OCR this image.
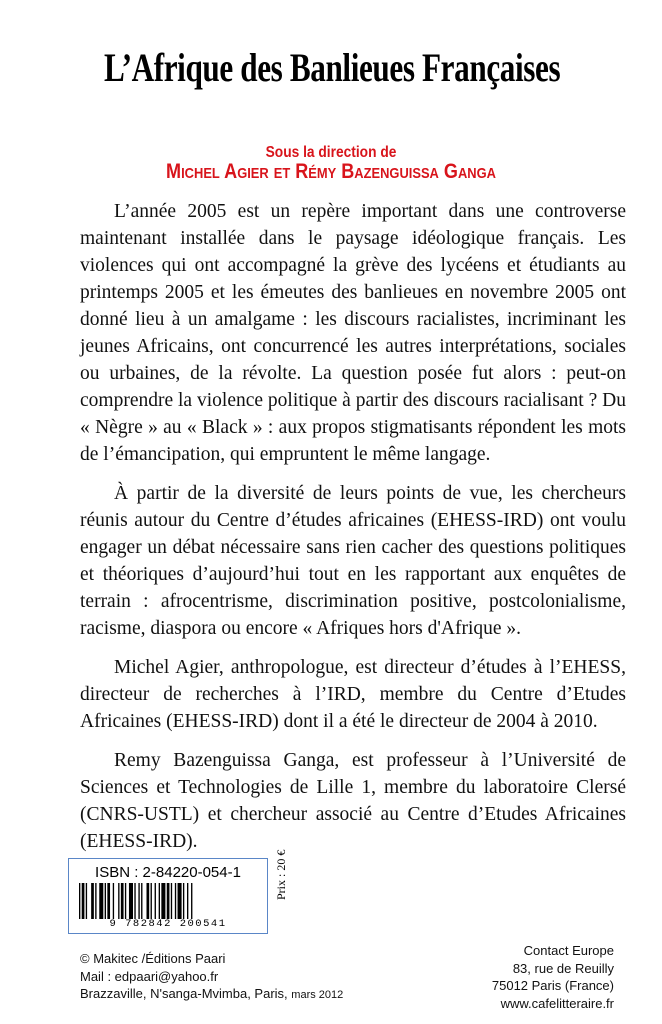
L’Afrique des Banlieues Françaises
Sous la direction de
Michel Agier et Rémy Bazenguissa Ganga

L’année 2005 est un repère important dans une controverse maintenant installée dans le paysage idéologique français. Les violences qui ont accompagné la grève des lycéens et étudiants au printemps 2005 et les émeutes des banlieues en novembre 2005 ont donné lieu à un amalgame : les discours racialistes, incriminant les jeunes Africains, ont concurrencé les autres interprétations, sociales ou urbaines, de la révolte. La question posée fut alors : peut-on comprendre la violence politique à partir des discours racialisant ? Du « Nègre » au « Black » : aux propos stigmatisants répondent les mots de l’émancipation, qui empruntent le même langage.

À partir de la diversité de leurs points de vue, les chercheurs réunis autour du Centre d’études africaines (EHESS-IRD) ont voulu engager un débat nécessaire sans rien cacher des questions politiques et théoriques d’aujourd’hui tout en les rapportant aux enquêtes de terrain : afrocentrisme, discrimination positive, postcolonialisme, racisme, diaspora ou encore « Afriques hors d'Afrique ».

Michel Agier, anthropologue, est directeur d’études à l’EHESS, directeur de recherches à l’IRD, membre du Centre d’Etudes Africaines (EHESS-IRD) dont il a été le directeur de 2004 à 2010.

Remy Bazenguissa Ganga, est professeur à l’Université de Sciences et Technologies de Lille 1, membre du laboratoire Clersé (CNRS-USTL) et chercheur associé au Centre d’Etudes Africaines (EHESS-IRD).

ISBN : 2-84220-054-1
9 782842 200541
Prix : 20 €
© Makitec /Éditions Paari
Mail : edpaari@yahoo.fr
Brazzaville, N'sanga-Mvimba, Paris, mars 2012
Contact Europe
83, rue de Reuilly
75012 Paris (France)
www.cafelitteraire.fr
